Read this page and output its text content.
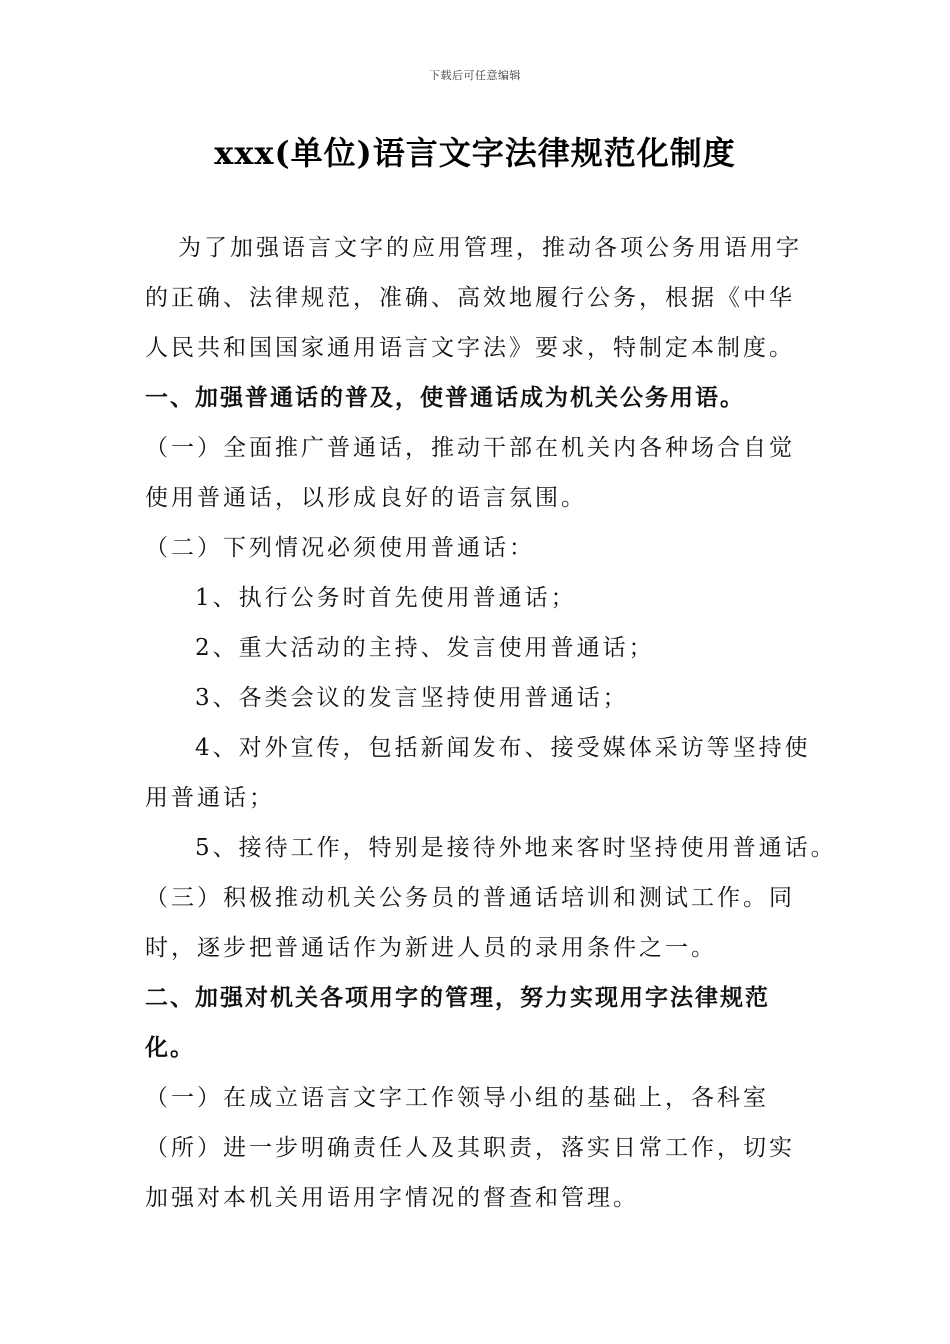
下载后可任意编辑
xxx(单位)语言文字法律规范化制度
为了加强语言文字的应用管理，推动各项公务用语用字
的正确、法律规范，准确、高效地履行公务，根据《中华
人民共和国国家通用语言文字法》要求，特制定本制度。
一、加强普通话的普及，使普通话成为机关公务用语。
（一）全面推广普通话，推动干部在机关内各种场合自觉
使用普通话，以形成良好的语言氛围。
（二）下列情况必须使用普通话：
1、执行公务时首先使用普通话；
2、重大活动的主持、发言使用普通话；
3、各类会议的发言坚持使用普通话；
4、对外宣传，包括新闻发布、接受媒体采访等坚持使
用普通话；
5、接待工作，特别是接待外地来客时坚持使用普通话。
（三）积极推动机关公务员的普通话培训和测试工作。同
时，逐步把普通话作为新进人员的录用条件之一。
二、加强对机关各项用字的管理，努力实现用字法律规范
化。
（一）在成立语言文字工作领导小组的基础上，各科室
（所）进一步明确责任人及其职责，落实日常工作，切实
加强对本机关用语用字情况的督查和管理。
